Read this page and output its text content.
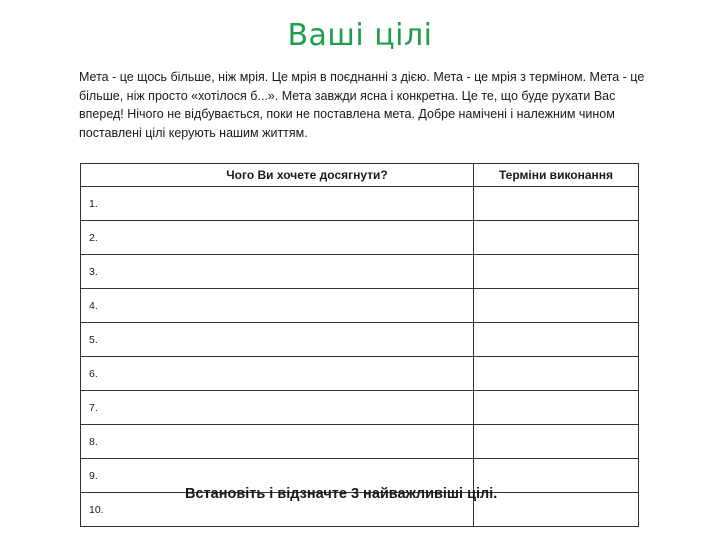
Ваші цілі
Мета - це щось більше, ніж мрія. Це мрія в поєднанні з дією. Мета - це мрія з терміном. Мета - це більше, ніж просто «хотілося б...». Мета завжди ясна і конкретна. Це те, що буде рухати Вас вперед! Нічого не відбувається, поки не поставлена мета. Добре намічені і належним чином поставлені цілі керують нашим життям.
Чого Ви хочете досягнути?	Терміни виконання
1.	
2.	
3.	
4.	
5.	
6.	
7.	
8.	
9.	
10.	
Встановіть і відзначте 3 найважливіші цілі.
